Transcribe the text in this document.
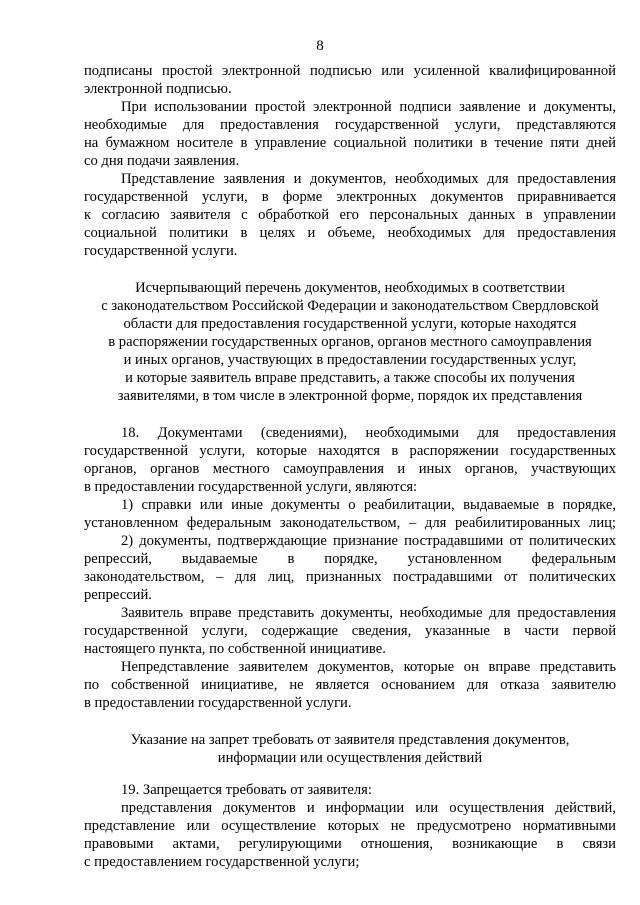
8
подписаны простой электронной подписью или усиленной квалифицированной
электронной подписью.
При использовании простой электронной подписи заявление и документы,
необходимые для предоставления государственной услуги, представляются
на бумажном носителе в управление социальной политики в течение пяти дней
со дня подачи заявления.
Представление заявления и документов, необходимых для предоставления
государственной услуги, в форме электронных документов приравнивается
к согласию заявителя с обработкой его персональных данных в управлении
социальной политики в целях и объеме, необходимых для предоставления
государственной услуги.
Исчерпывающий перечень документов, необходимых в соответствии
с законодательством Российской Федерации и законодательством Свердловской
области для предоставления государственной услуги, которые находятся
в распоряжении государственных органов, органов местного самоуправления
и иных органов, участвующих в предоставлении государственных услуг,
и которые заявитель вправе представить, а также способы их получения
заявителями, в том числе в электронной форме, порядок их представления
18. Документами (сведениями), необходимыми для предоставления
государственной услуги, которые находятся в распоряжении государственных
органов, органов местного самоуправления и иных органов, участвующих
в предоставлении государственной услуги, являются:
1) справки или иные документы о реабилитации, выдаваемые в порядке,
установленном федеральным законодательством, – для реабилитированных лиц;
2) документы, подтверждающие признание пострадавшими от политических
репрессий, выдаваемые в порядке, установленном федеральным
законодательством, – для лиц, признанных пострадавшими от политических
репрессий.
Заявитель вправе представить документы, необходимые для предоставления
государственной услуги, содержащие сведения, указанные в части первой
настоящего пункта, по собственной инициативе.
Непредставление заявителем документов, которые он вправе представить
по собственной инициативе, не является основанием для отказа заявителю
в предоставлении государственной услуги.
Указание на запрет требовать от заявителя представления документов,
информации или осуществления действий
19. Запрещается требовать от заявителя:
представления документов и информации или осуществления действий,
представление или осуществление которых не предусмотрено нормативными
правовыми актами, регулирующими отношения, возникающие в связи
с предоставлением государственной услуги;
